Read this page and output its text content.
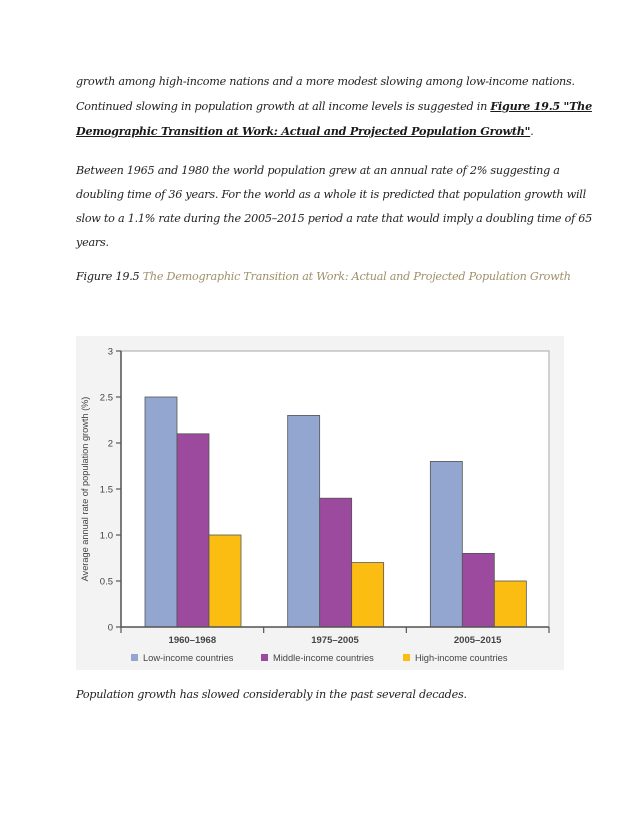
growth among high-income nations and a more modest slowing among low-income nations.
Continued slowing in population growth at all income levels is suggested in Figure 19.5 "The
Demographic Transition at Work: Actual and Projected Population Growth".

Between 1965 and 1980 the world population grew at an annual rate of 2% suggesting a
doubling time of 36 years. For the world as a whole it is predicted that population growth will
slow to a 1.1% rate during the 2005–2015 period a rate that would imply a doubling time of 65
years.

Figure 19.5 The Demographic Transition at Work: Actual and Projected Population Growth
0
0.5
1.0
1.5
2
2.5
3
Average annual rate of population growth (%)
1960–1968	1975–2005	2005–2015
Low-income countries	Middle-income countries	High-income countries
Population growth has slowed considerably in the past several decades.
